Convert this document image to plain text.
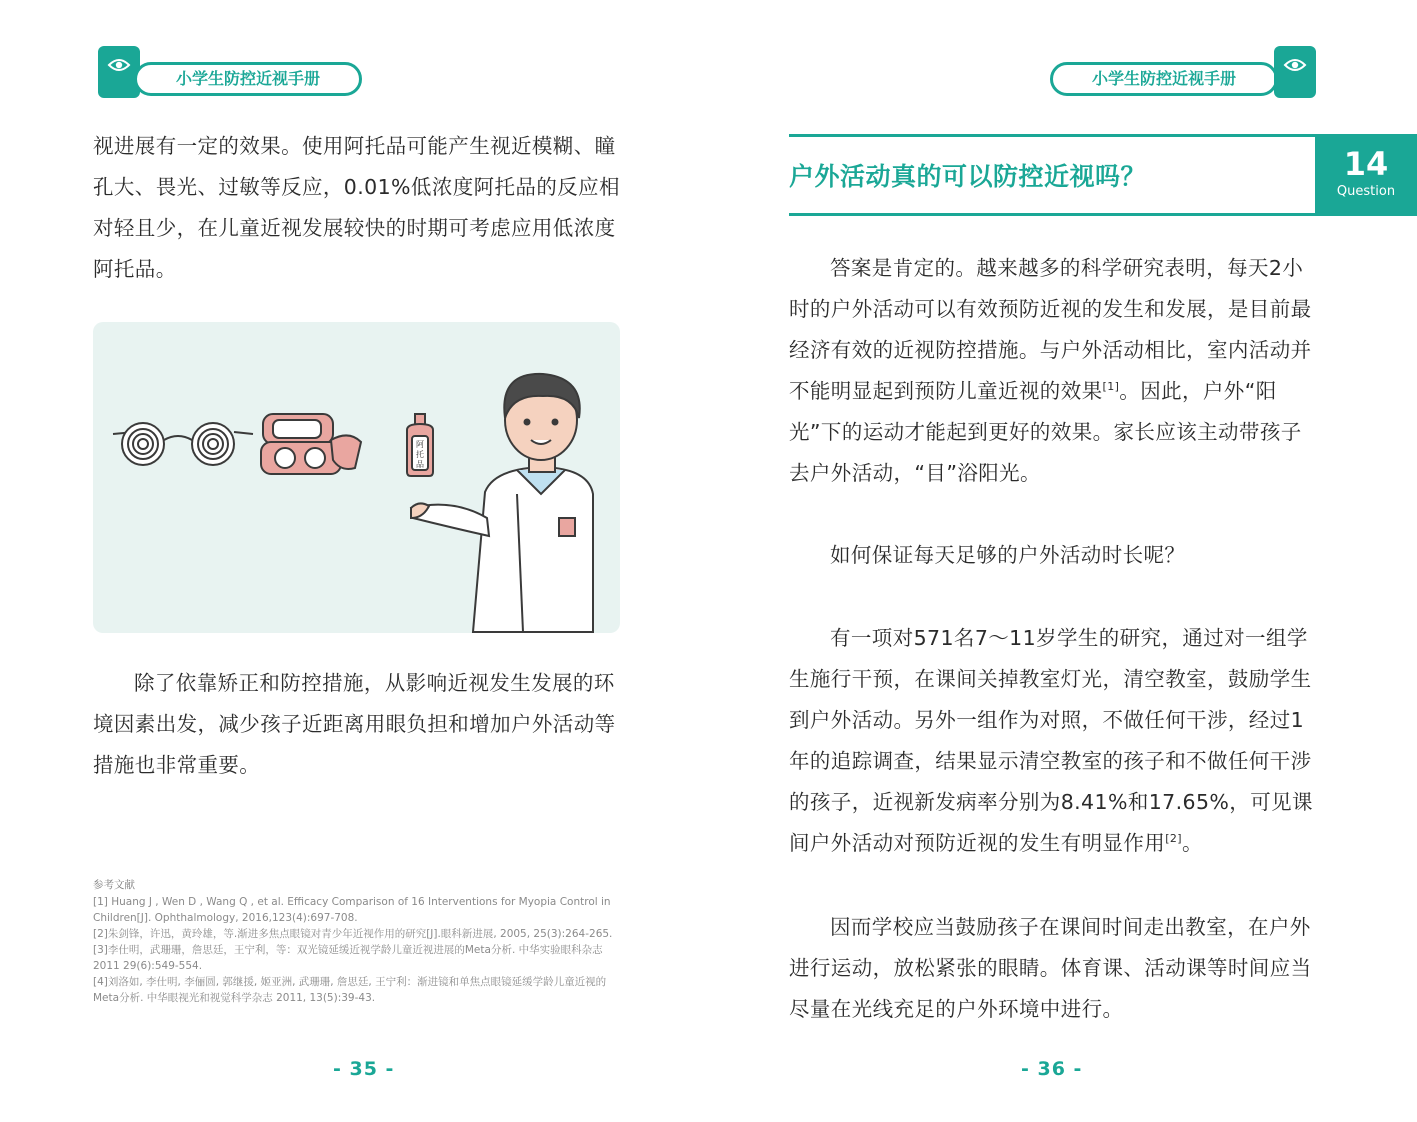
小学生防控近视手册

视进展有一定的效果。使用阿托品可能产生视近模糊、瞳孔大、畏光、过敏等反应，0.01%低浓度阿托品的反应相对轻且少，在儿童近视发展较快的时期可考虑应用低浓度阿托品。

阿
托
品

除了依靠矫正和防控措施，从影响近视发生发展的环境因素出发，减少孩子近距离用眼负担和增加户外活动等措施也非常重要。

参考文献
[1] Huang J , Wen D , Wang Q , et al. Efficacy Comparison of 16 Interventions for Myopia Control in Children[J]. Ophthalmology, 2016,123(4):697-708.
[2]朱剑锋，许迅，黄玲雄，等.渐进多焦点眼镜对青少年近视作用的研究[J].眼科新进展, 2005, 25(3):264-265.
[3]李仕明，武珊珊，詹思廷，王宁利，等：双光镜延缓近视学龄儿童近视进展的Meta分析. 中华实验眼科杂志 2011 29(6):549-554.
[4]刘洛如, 李仕明, 李俪圆, 郭继援, 姬亚洲, 武珊珊, 詹思廷, 王宁利：渐进镜和单焦点眼镜延缓学龄儿童近视的Meta分析. 中华眼视光和视觉科学杂志 2011, 13(5):39-43.
- 35 -
小学生防控近视手册
户外活动真的可以防控近视吗？	14
Question

答案是肯定的。越来越多的科学研究表明，每天2小时的户外活动可以有效预防近视的发生和发展，是目前最经济有效的近视防控措施。与户外活动相比，室内活动并不能明显起到预防儿童近视的效果[1]。因此，户外“阳光”下的运动才能起到更好的效果。家长应该主动带孩子去户外活动，“目”浴阳光。

如何保证每天足够的户外活动时长呢？

有一项对571名7～11岁学生的研究，通过对一组学生施行干预，在课间关掉教室灯光，清空教室，鼓励学生到户外活动。另外一组作为对照，不做任何干涉，经过1年的追踪调查，结果显示清空教室的孩子和不做任何干涉的孩子，近视新发病率分别为8.41%和17.65%，可见课间户外活动对预防近视的发生有明显作用[2]。

因而学校应当鼓励孩子在课间时间走出教室，在户外进行运动，放松紧张的眼睛。体育课、活动课等时间应当尽量在光线充足的户外环境中进行。

- 36 -
